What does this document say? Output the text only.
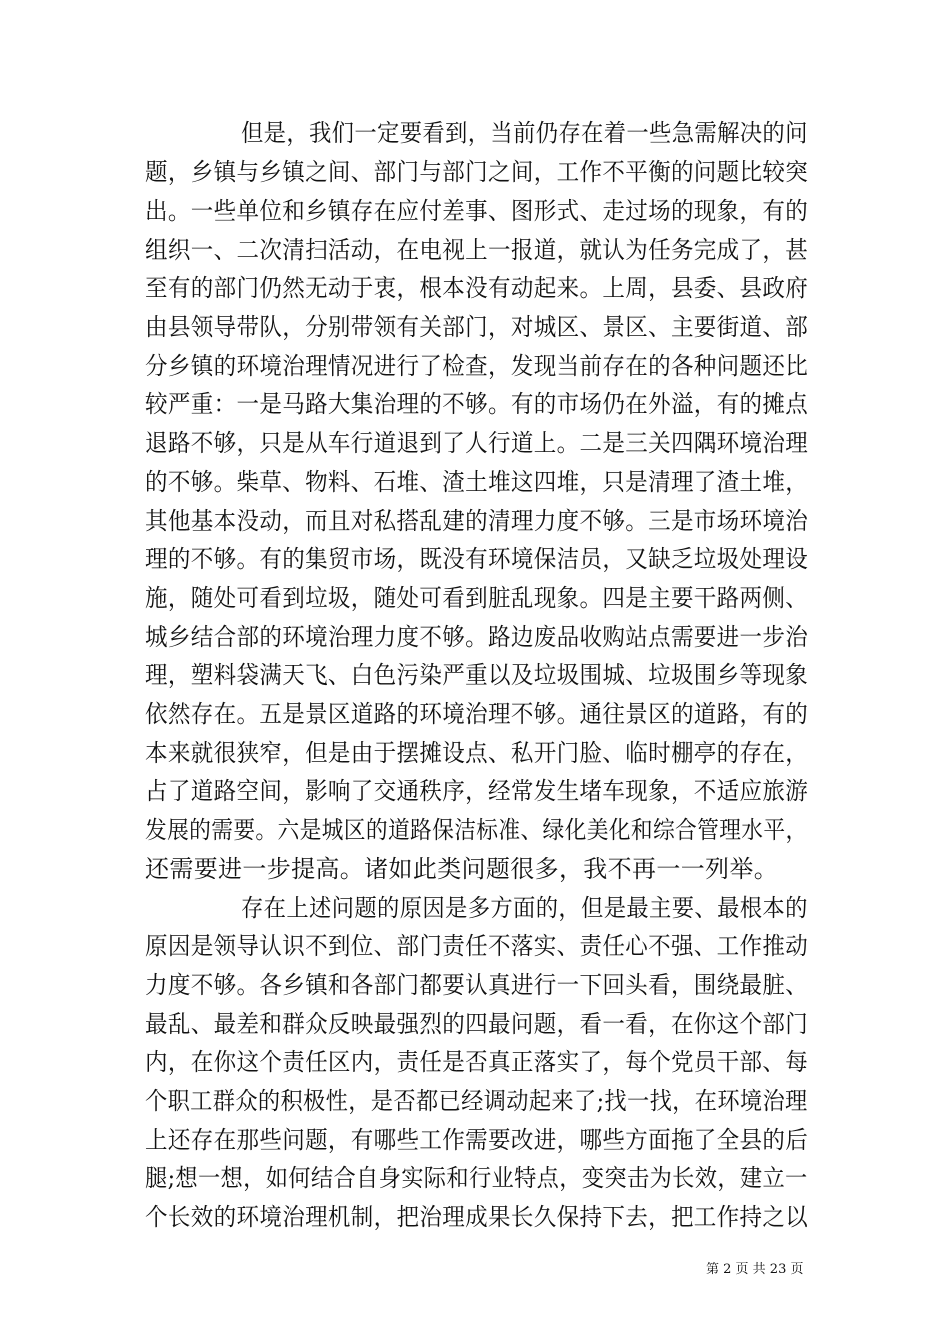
但是，我们一定要看到，当前仍存在着一些急需解决的问
题，乡镇与乡镇之间、部门与部门之间，工作不平衡的问题比较突
出。一些单位和乡镇存在应付差事、图形式、走过场的现象，有的
组织一、二次清扫活动，在电视上一报道，就认为任务完成了，甚
至有的部门仍然无动于衷，根本没有动起来。上周，县委、县政府
由县领导带队，分别带领有关部门，对城区、景区、主要街道、部
分乡镇的环境治理情况进行了检查，发现当前存在的各种问题还比
较严重：一是马路大集治理的不够。有的市场仍在外溢，有的摊点
退路不够，只是从车行道退到了人行道上。二是三关四隅环境治理
的不够。柴草、物料、石堆、渣土堆这四堆，只是清理了渣土堆，
其他基本没动，而且对私搭乱建的清理力度不够。三是市场环境治
理的不够。有的集贸市场，既没有环境保洁员，又缺乏垃圾处理设
施，随处可看到垃圾，随处可看到脏乱现象。四是主要干路两侧、
城乡结合部的环境治理力度不够。路边废品收购站点需要进一步治
理，塑料袋满天飞、白色污染严重以及垃圾围城、垃圾围乡等现象
依然存在。五是景区道路的环境治理不够。通往景区的道路，有的
本来就很狭窄，但是由于摆摊设点、私开门脸、临时棚亭的存在，
占了道路空间，影响了交通秩序，经常发生堵车现象，不适应旅游
发展的需要。六是城区的道路保洁标准、绿化美化和综合管理水平，
还需要进一步提高。诸如此类问题很多，我不再一一列举。
存在上述问题的原因是多方面的，但是最主要、最根本的
原因是领导认识不到位、部门责任不落实、责任心不强、工作推动
力度不够。各乡镇和各部门都要认真进行一下回头看，围绕最脏、
最乱、最差和群众反映最强烈的四最问题，看一看，在你这个部门
内，在你这个责任区内，责任是否真正落实了，每个党员干部、每
个职工群众的积极性，是否都已经调动起来了;找一找，在环境治理
上还存在那些问题，有哪些工作需要改进，哪些方面拖了全县的后
腿;想一想，如何结合自身实际和行业特点，变突击为长效，建立一
个长效的环境治理机制，把治理成果长久保持下去，把工作持之以
第 2 页 共 23 页
